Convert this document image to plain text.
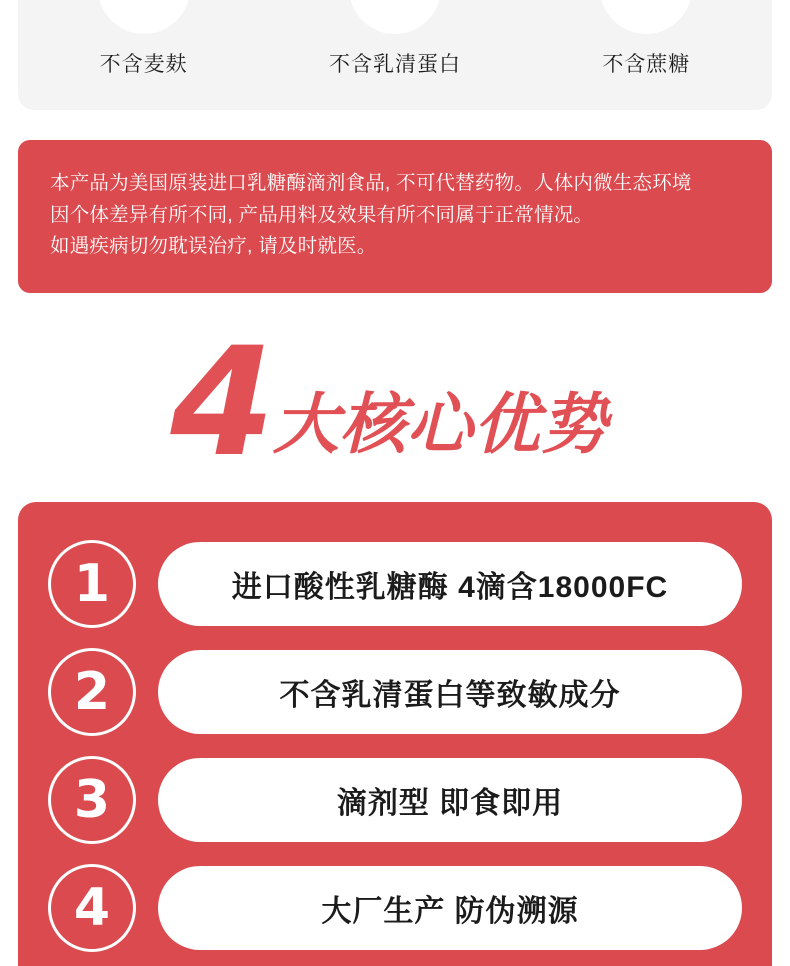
不含麦麸	不含乳清蛋白	不含蔗糖

本产品为美国原装进口乳糖酶滴剂食品, 不可代替药物。人体内微生态环境

因个体差异有所不同, 产品用料及效果有所不同属于正常情况。

如遇疾病切勿耽误治疗, 请及时就医。

4 大核心优势
1	进口酸性乳糖酶 4滴含18000FC
2	不含乳清蛋白等致敏成分
3	滴剂型 即食即用
4	大厂生产 防伪溯源
